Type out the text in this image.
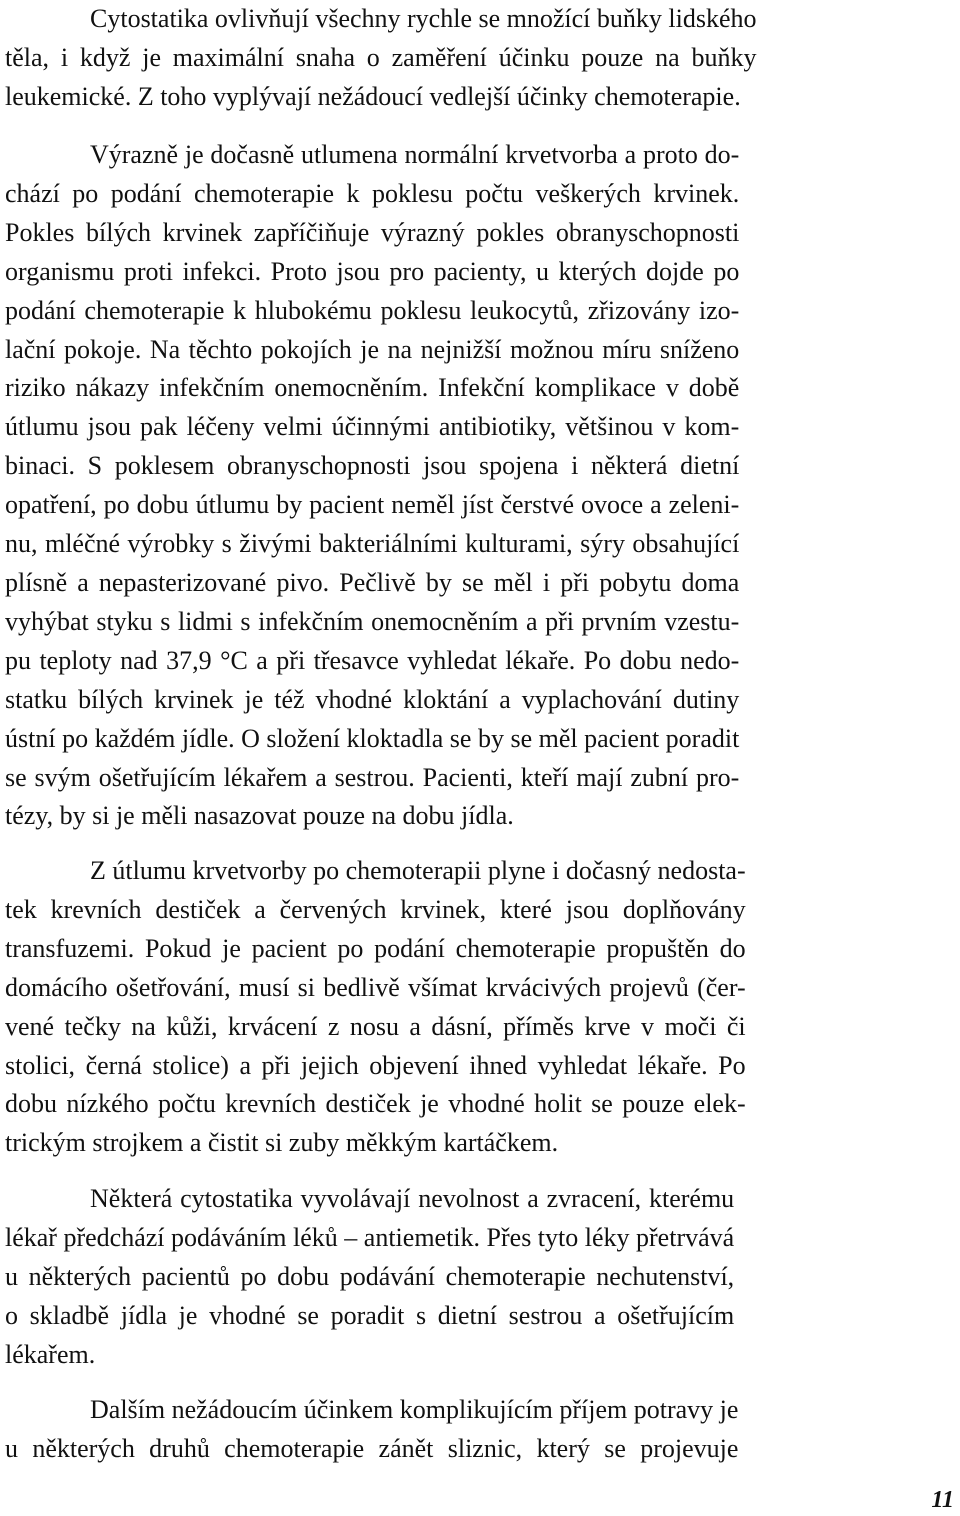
Cytostatika ovlivňují všechny rychle se množící buňky lidského
těla, i když je maximální snaha o zaměření účinku pouze na buňky
leukemické. Z toho vyplývají nežádoucí vedlejší účinky chemoterapie.
Výrazně je dočasně utlumena normální krvetvorba a proto do-
chází po podání chemoterapie k poklesu počtu veškerých krvinek.
Pokles bílých krvinek zapříčiňuje výrazný pokles obranyschopnosti
organismu proti infekci. Proto jsou pro pacienty, u kterých dojde po
podání chemoterapie k hlubokému poklesu leukocytů, zřizovány izo-
lační pokoje. Na těchto pokojích je na nejnižší možnou míru sníženo
riziko nákazy infekčním onemocněním. Infekční komplikace v době
útlumu jsou pak léčeny velmi účinnými antibiotiky, většinou v kom-
binaci. S poklesem obranyschopnosti jsou spojena i některá dietní
opatření, po dobu útlumu by pacient neměl jíst čerstvé ovoce a zeleni-
nu, mléčné výrobky s živými bakteriálními kulturami, sýry obsahující
plísně a nepasterizované pivo. Pečlivě by se měl i při pobytu doma
vyhýbat styku s lidmi s infekčním onemocněním a při prvním vzestu-
pu teploty nad 37,9 °C a při třesavce vyhledat lékaře. Po dobu nedo-
statku bílých krvinek je též vhodné kloktání a vyplachování dutiny
ústní po každém jídle. O složení kloktadla se by se měl pacient poradit
se svým ošetřujícím lékařem a sestrou. Pacienti, kteří mají zubní pro-
tézy, by si je měli nasazovat pouze na dobu jídla.
Z útlumu krvetvorby po chemoterapii plyne i dočasný nedosta-
tek krevních destiček a červených krvinek, které jsou doplňovány
transfuzemi. Pokud je pacient po podání chemoterapie propuštěn do
domácího ošetřování, musí si bedlivě všímat krvácivých projevů (čer-
vené tečky na kůži, krvácení z nosu a dásní, příměs krve v moči či
stolici, černá stolice) a při jejich objevení ihned vyhledat lékaře. Po
dobu nízkého počtu krevních destiček je vhodné holit se pouze elek-
trickým strojkem a čistit si zuby měkkým kartáčkem.
Některá cytostatika vyvolávají nevolnost a zvracení, kterému
lékař předchází podáváním léků – antiemetik. Přes tyto léky přetrvává
u některých pacientů po dobu podávání chemoterapie nechutenství,
o skladbě jídla je vhodné se poradit s dietní sestrou a ošetřujícím
lékařem.
Dalším nežádoucím účinkem komplikujícím příjem potravy je
u některých druhů chemoterapie zánět sliznic, který se projevuje
11
